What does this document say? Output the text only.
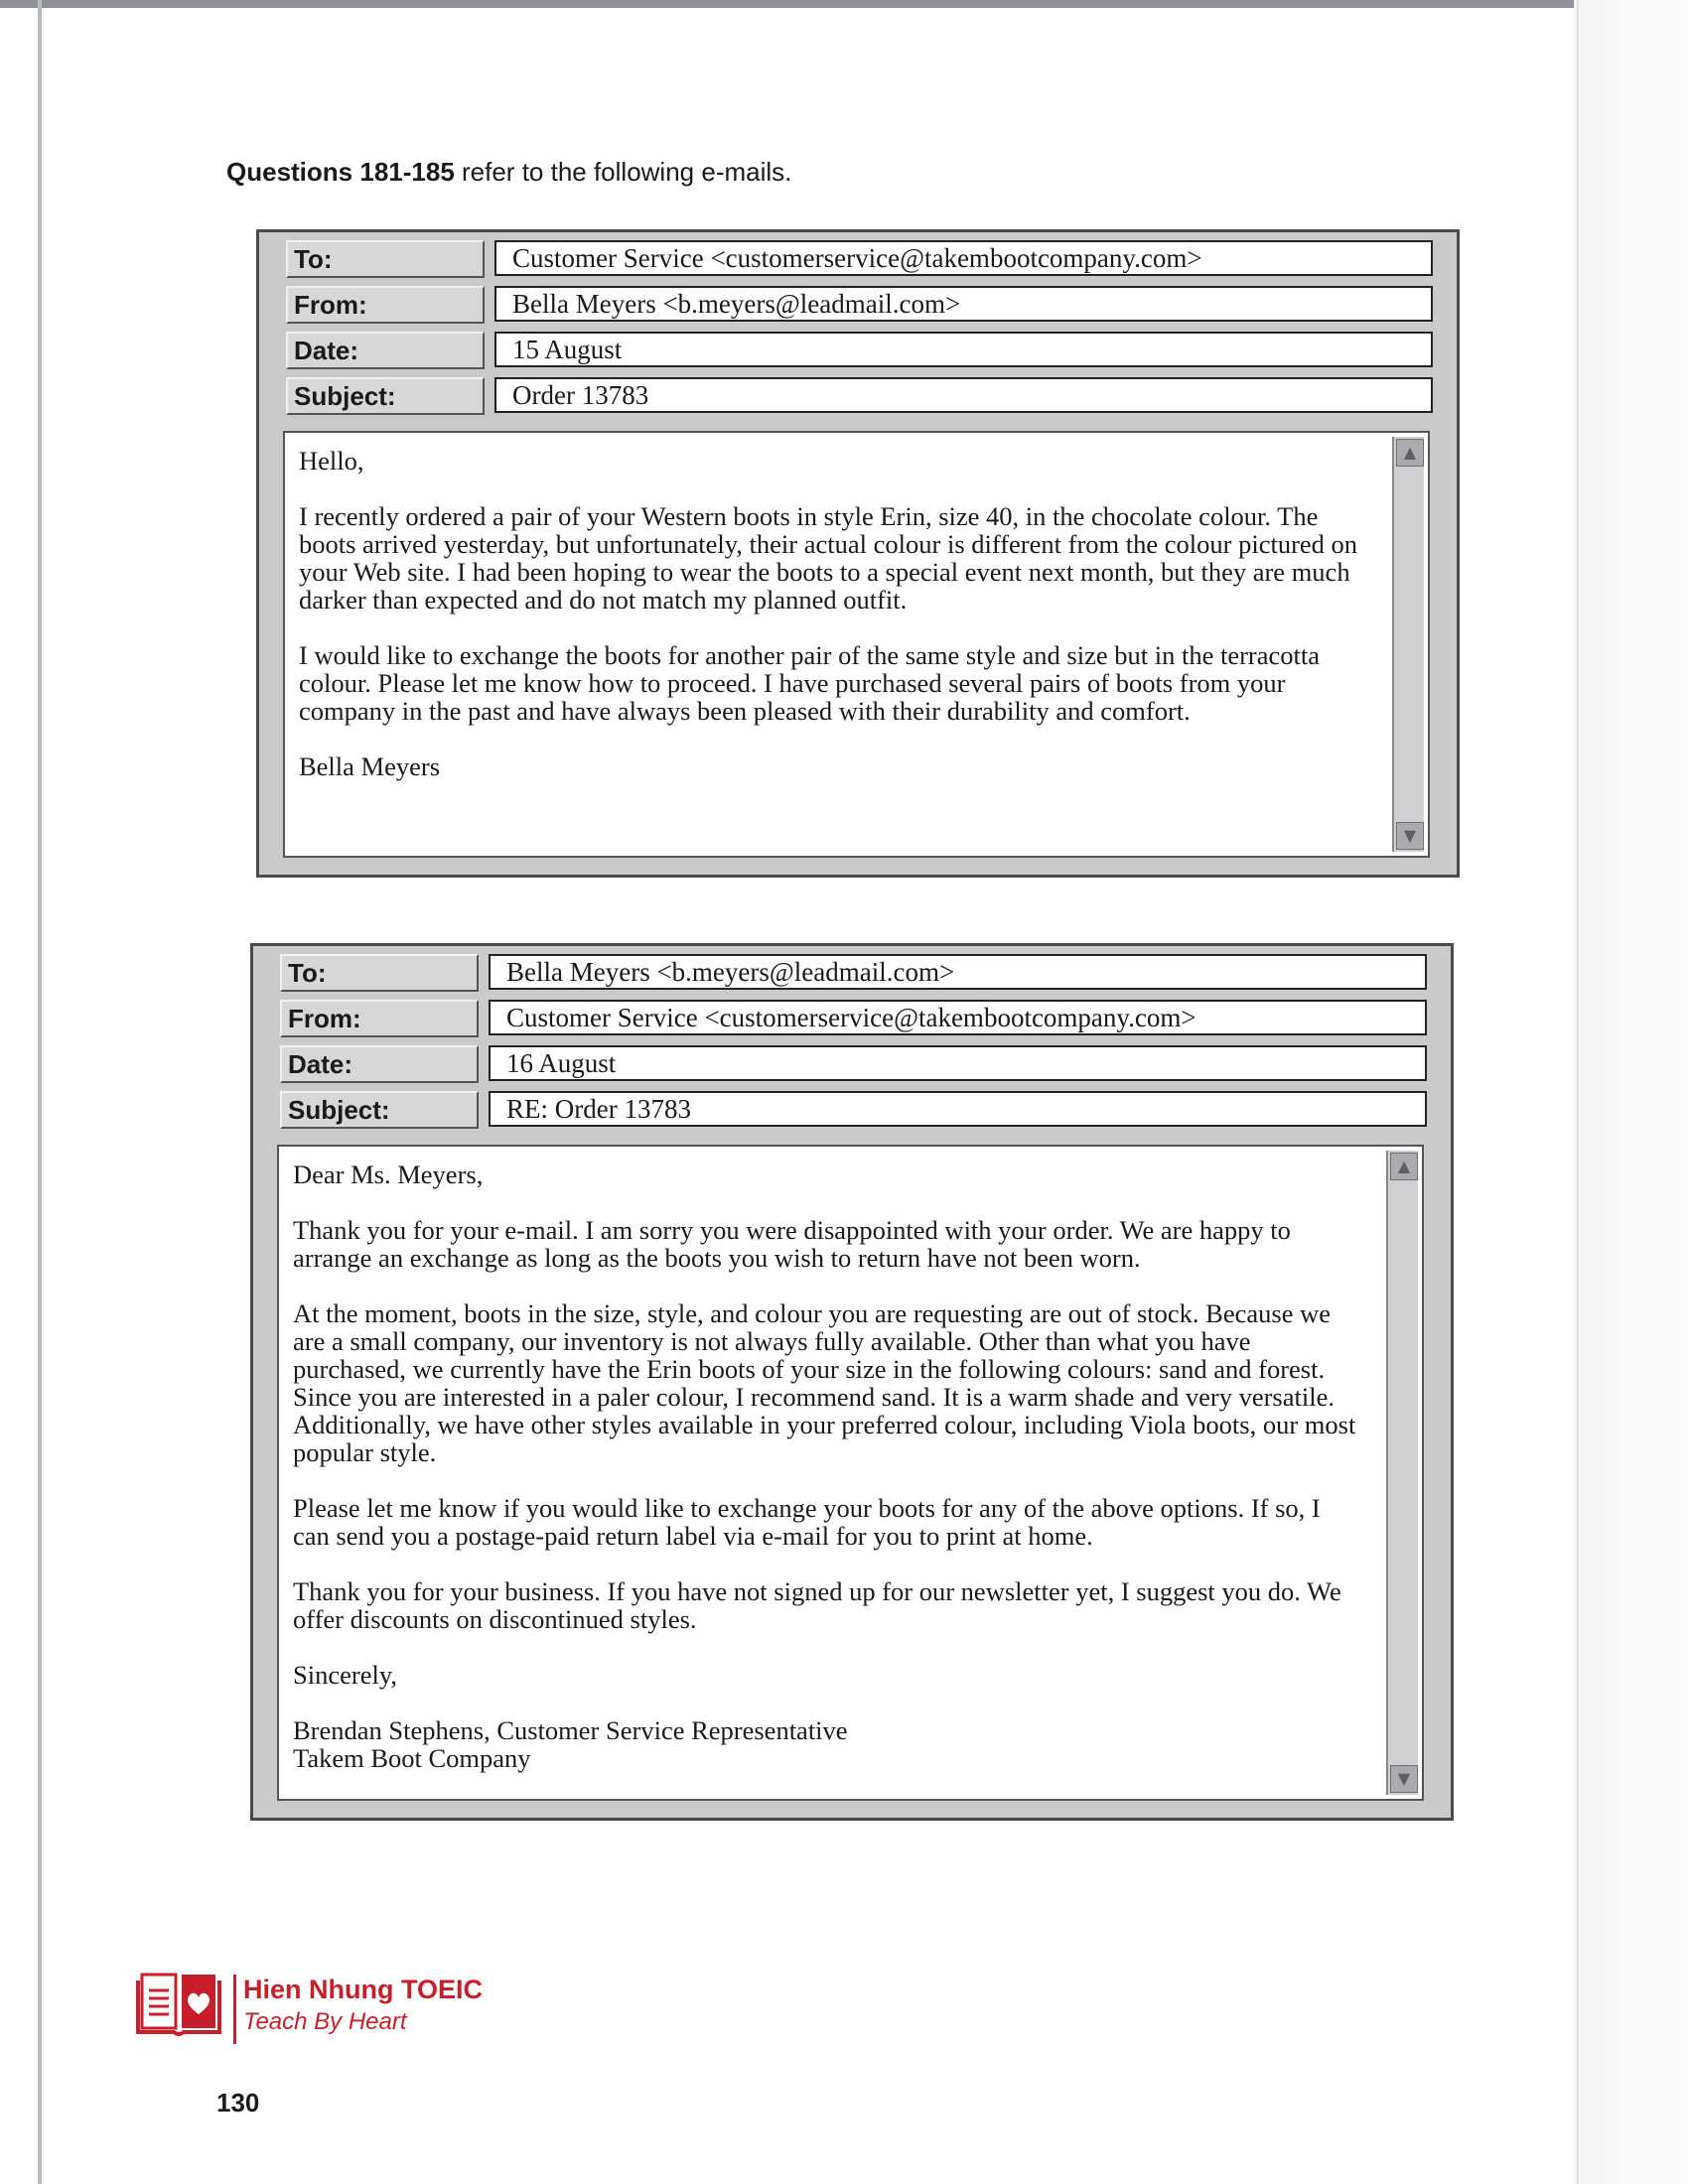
Questions 181-185 refer to the following e-mails.
To:	Customer Service <customerservice@takembootcompany.com>
From:	Bella Meyers <b.meyers@leadmail.com>
Date:	15 August
Subject:	Order 13783

Hello,

I recently ordered a pair of your Western boots in style Erin, size 40, in the chocolate colour. The boots arrived yesterday, but unfortunately, their actual colour is different from the colour pictured on your Web site. I had been hoping to wear the boots to a special event next month, but they are much darker than expected and do not match my planned outfit.

I would like to exchange the boots for another pair of the same style and size but in the terracotta colour. Please let me know how to proceed. I have purchased several pairs of boots from your company in the past and have always been pleased with their durability and comfort.

Bella Meyers

▲
▼
To:	Bella Meyers <b.meyers@leadmail.com>
From:	Customer Service <customerservice@takembootcompany.com>
Date:	16 August
Subject:	RE: Order 13783

Dear Ms. Meyers,

Thank you for your e-mail. I am sorry you were disappointed with your order. We are happy to arrange an exchange as long as the boots you wish to return have not been worn.

At the moment, boots in the size, style, and colour you are requesting are out of stock. Because we are a small company, our inventory is not always fully available. Other than what you have purchased, we currently have the Erin boots of your size in the following colours: sand and forest. Since you are interested in a paler colour, I recommend sand. It is a warm shade and very versatile. Additionally, we have other styles available in your preferred colour, including Viola boots, our most popular style.

Please let me know if you would like to exchange your boots for any of the above options. If so, I can send you a postage-paid return label via e-mail for you to print at home.

Thank you for your business. If you have not signed up for our newsletter yet, I suggest you do. We offer discounts on discontinued styles.

Sincerely,

Brendan Stephens, Customer Service Representative

Takem Boot Company

▲
▼
Hien Nhung TOEIC
Teach By Heart
130
